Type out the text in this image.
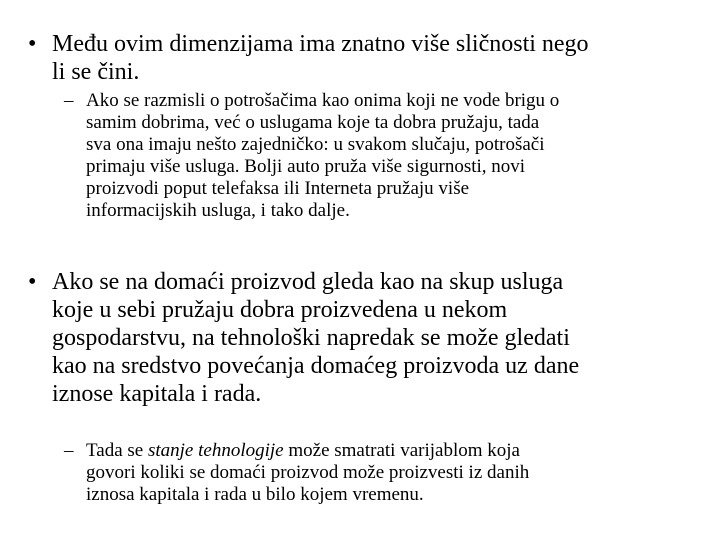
• Među ovim dimenzijama ima znatno više sličnosti nego
li se čini.
– Ako se razmisli o potrošačima kao onima koji ne vode brigu o
samim dobrima, već o uslugama koje ta dobra pružaju, tada
sva ona imaju nešto zajedničko: u svakom slučaju, potrošači
primaju više usluga. Bolji auto pruža više sigurnosti, novi
proizvodi poput telefaksa ili Interneta pružaju više
informacijskih usluga, i tako dalje.
• Ako se na domaći proizvod gleda kao na skup usluga
koje u sebi pružaju dobra proizvedena u nekom
gospodarstvu, na tehnološki napredak se može gledati
kao na sredstvo povećanja domaćeg proizvoda uz dane
iznose kapitala i rada.
– Tada se stanje tehnologije može smatrati varijablom koja
govori koliki se domaći proizvod može proizvesti iz danih
iznosa kapitala i rada u bilo kojem vremenu.
